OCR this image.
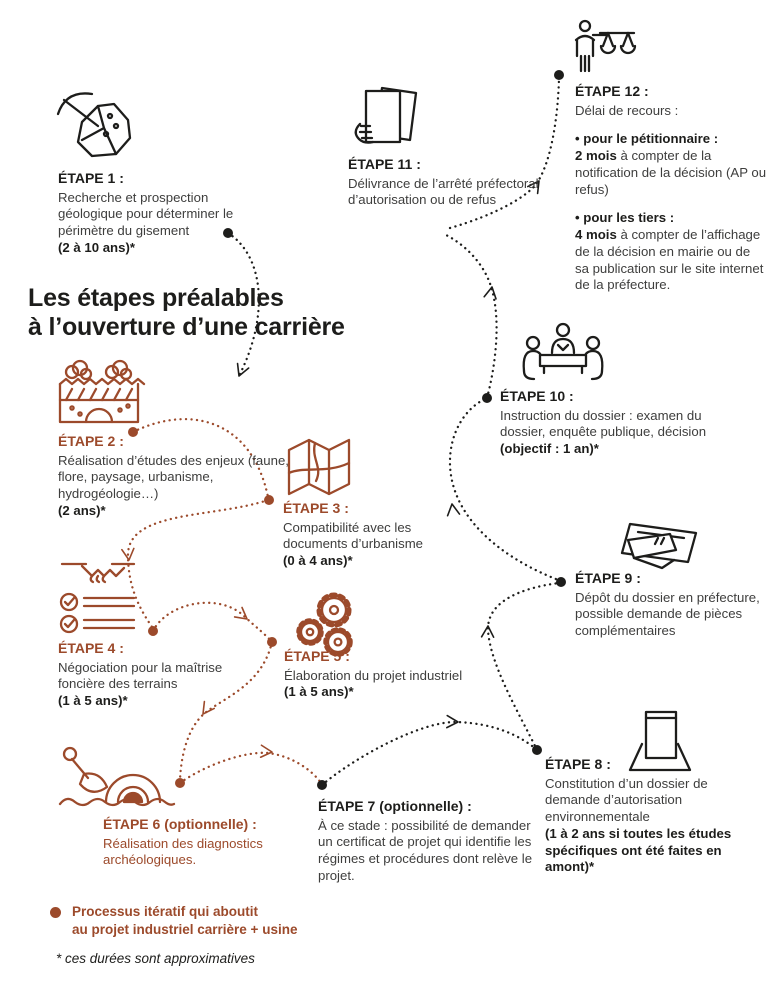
Les étapes préalables
à l’ouverture d’une carrière
ÉTAPE 1 :
Recherche et prospection géologique pour déterminer le périmètre du gisement
(2 à 10 ans)*
ÉTAPE 2 :
Réalisation d’études des enjeux (faune, flore, paysage, urbanisme, hydrogéologie…)
(2 ans)*	ÉTAPE 3 :
Compatibilité avec les documents d’urbanisme
(0 à 4 ans)*
ÉTAPE 4 :
Négociation pour la maîtrise foncière des terrains
(1 à 5 ans)*
ÉTAPE 5 :
Élaboration du projet industriel
(1 à 5 ans)*
ÉTAPE 6 (optionnelle) :
Réalisation des diagnostics archéologiques.
ÉTAPE 7 (optionnelle) :
À ce stade : possibilité de demander un certificat de projet qui identifie les régimes et procédures dont relève le projet.
ÉTAPE 8 :
Constitution d’un dossier de demande d’autorisation environnementale
(1 à 2 ans si toutes les études spécifiques ont été faites en amont)*
ÉTAPE 9 :
Dépôt du dossier en préfecture, possible demande de pièces complémentaires
ÉTAPE 10 :
Instruction du dossier : examen du dossier, enquête publique, décision
(objectif : 1 an)*
ÉTAPE 11 :
Délivrance de l’arrêté préfectoral d’autorisation ou de refus
ÉTAPE 12 :
Délai de recours :
• pour le pétitionnaire :
2 mois à compter de la notification de la décision (AP ou refus)
• pour les tiers :
4 mois à compter de l’affichage de la décision en mairie ou de sa publication sur le site internet de la préfecture.
Processus itératif qui aboutit
au projet industriel carrière + usine
* ces durées sont approximatives
